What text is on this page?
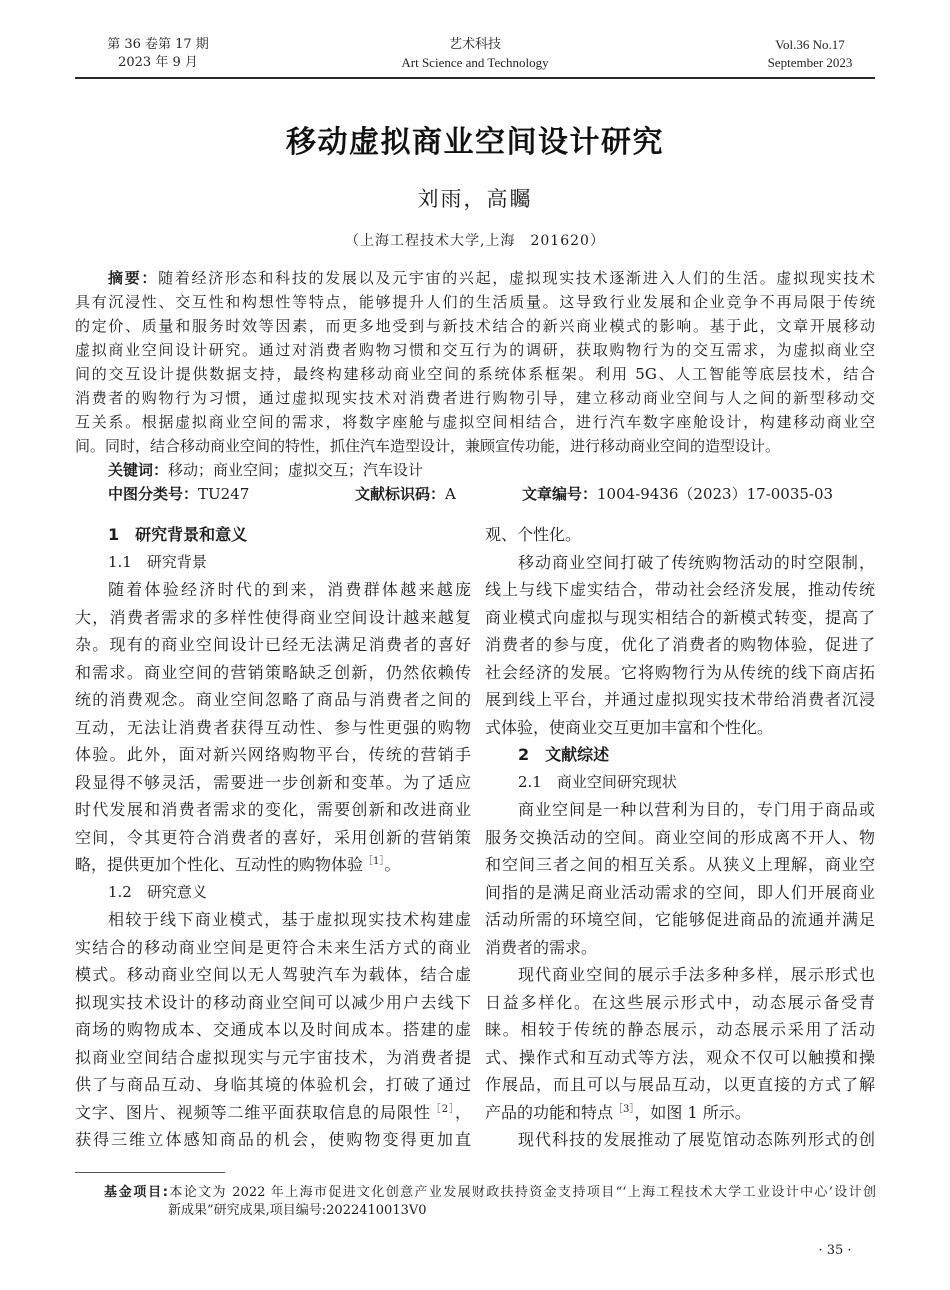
第 36 卷第 17 期
2023 年 9 月
艺术科技
Art Science and Technology
Vol.36 No.17
September 2023
移动虚拟商业空间设计研究
刘雨，高矚
（上海工程技术大学,上海　201620）
摘要：随着经济形态和科技的发展以及元宇宙的兴起，虚拟现实技术逐渐进入人们的生活。虚拟现实技术
具有沉浸性、交互性和构想性等特点，能够提升人们的生活质量。这导致行业发展和企业竞争不再局限于传统
的定价、质量和服务时效等因素，而更多地受到与新技术结合的新兴商业模式的影响。基于此，文章开展移动
虚拟商业空间设计研究。通过对消费者购物习惯和交互行为的调研，获取购物行为的交互需求，为虚拟商业空
间的交互设计提供数据支持，最终构建移动商业空间的系统体系框架。利用 5G、人工智能等底层技术，结合
消费者的购物行为习惯，通过虚拟现实技术对消费者进行购物引导，建立移动商业空间与人之间的新型移动交
互关系。根据虚拟商业空间的需求，将数字座舱与虚拟空间相结合，进行汽车数字座舱设计，构建移动商业空
间。同时，结合移动商业空间的特性，抓住汽车造型设计，兼顾宣传功能，进行移动商业空间的造型设计。
关键词：移动；商业空间；虚拟交互；汽车设计
中图分类号：TU247	文献标识码：A	文章编号：1004-9436（2023）17-0035-03
1　研究背景和意义
1.1　研究背景
随着体验经济时代的到来，消费群体越来越庞
大，消费者需求的多样性使得商业空间设计越来越复
杂。现有的商业空间设计已经无法满足消费者的喜好
和需求。商业空间的营销策略缺乏创新，仍然依赖传
统的消费观念。商业空间忽略了商品与消费者之间的
互动，无法让消费者获得互动性、参与性更强的购物
体验。此外，面对新兴网络购物平台，传统的营销手
段显得不够灵活，需要进一步创新和变革。为了适应
时代发展和消费者需求的变化，需要创新和改进商业
空间，令其更符合消费者的喜好，采用创新的营销策
略，提供更加个性化、互动性的购物体验$^{[1]}$。
1.2　研究意义
相较于线下商业模式，基于虚拟现实技术构建虚
实结合的移动商业空间是更符合未来生活方式的商业
模式。移动商业空间以无人驾驶汽车为载体，结合虚
拟现实技术设计的移动商业空间可以减少用户去线下
商场的购物成本、交通成本以及时间成本。搭建的虚
拟商业空间结合虚拟现实与元宇宙技术，为消费者提
供了与商品互动、身临其境的体验机会，打破了通过
文字、图片、视频等二维平面获取信息的局限性$^{[2]}$，
获得三维立体感知商品的机会，使购物变得更加直
观、个性化。
移动商业空间打破了传统购物活动的时空限制，
线上与线下虚实结合，带动社会经济发展，推动传统
商业模式向虚拟与现实相结合的新模式转变，提高了
消费者的参与度，优化了消费者的购物体验，促进了
社会经济的发展。它将购物行为从传统的线下商店拓
展到线上平台，并通过虚拟现实技术带给消费者沉浸
式体验，使商业交互更加丰富和个性化。
2　文献综述
2.1　商业空间研究现状
商业空间是一种以营利为目的，专门用于商品或
服务交换活动的空间。商业空间的形成离不开人、物
和空间三者之间的相互关系。从狭义上理解，商业空
间指的是满足商业活动需求的空间，即人们开展商业
活动所需的环境空间，它能够促进商品的流通并满足
消费者的需求。
现代商业空间的展示手法多种多样，展示形式也
日益多样化。在这些展示形式中，动态展示备受青
睐。相较于传统的静态展示，动态展示采用了活动
式、操作式和互动式等方法，观众不仅可以触摸和操
作展品，而且可以与展品互动，以更直接的方式了解
产品的功能和特点$^{[3]}$，如图 1 所示。
现代科技的发展推动了展览馆动态陈列形式的创
基金项目:本论文为 2022 年上海市促进文化创意产业发展财政扶持资金支持项目“‘上海工程技术大学工业设计中心’设计创
新成果”研究成果,项目编号:2022410013V0
· 35 ·
